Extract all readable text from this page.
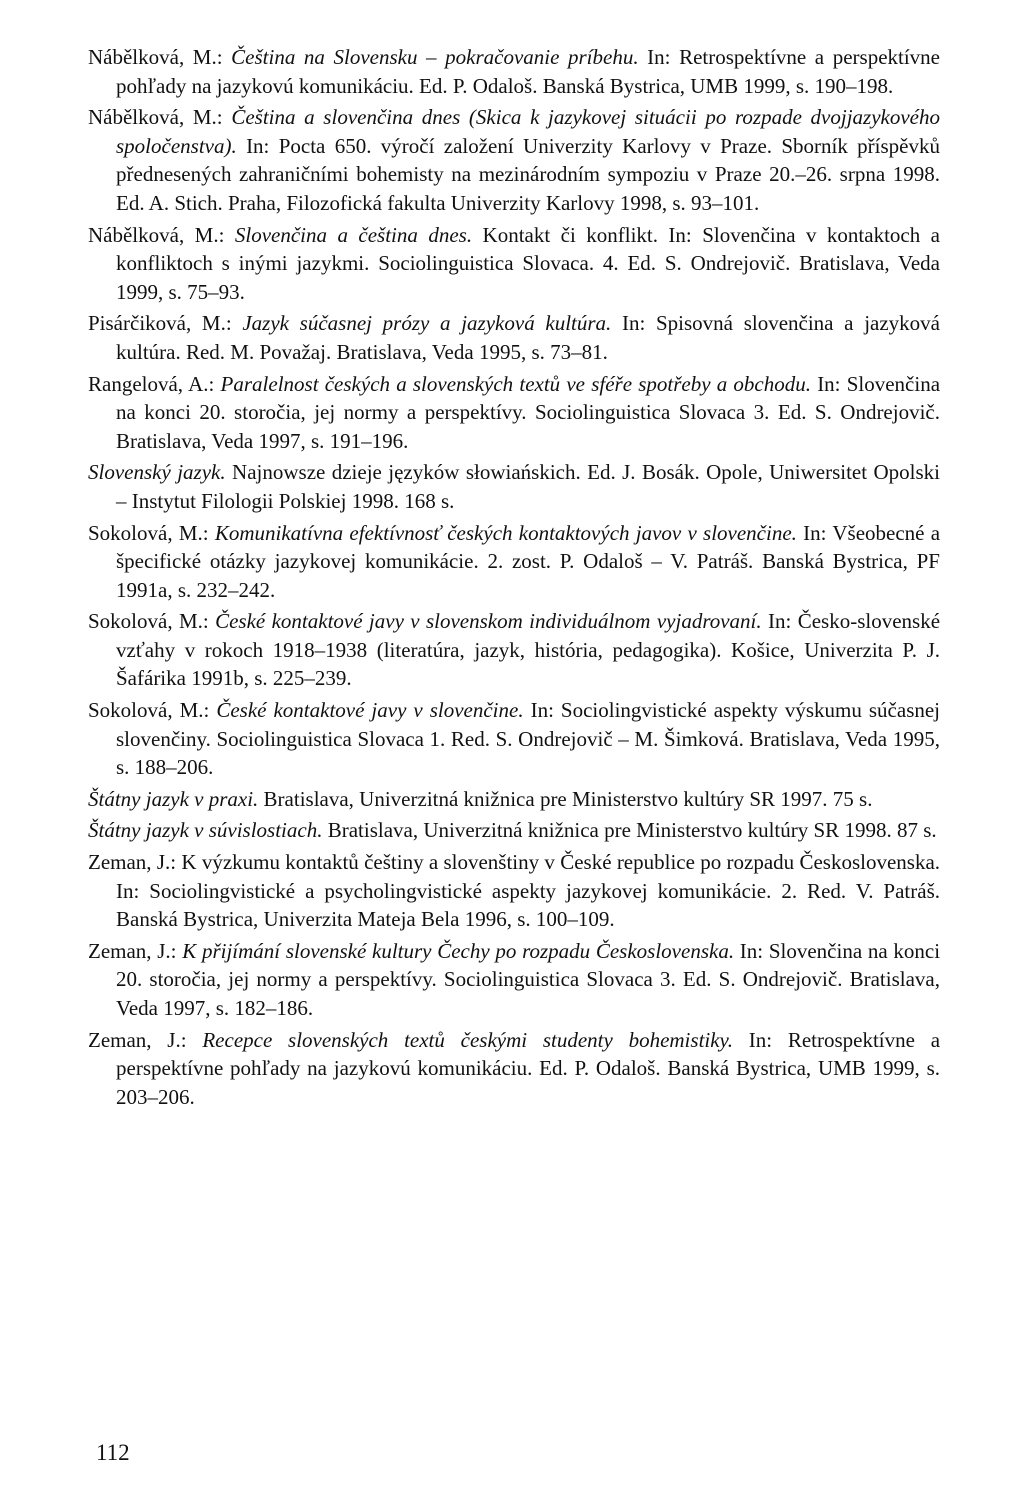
Nábělková, M.: Čeština na Slovensku – pokračovanie príbehu. In: Retrospektívne a perspektívne pohľady na jazykovú komunikáciu. Ed. P. Odaloš. Banská Bystrica, UMB 1999, s. 190–198.
Nábělková, M.: Čeština a slovenčina dnes (Skica k jazykovej situácii po rozpade dvojjazykového spoločenstva). In: Pocta 650. výročí založení Univerzity Karlovy v Praze. Sborník příspěvků přednesených zahraničními bohemisty na mezinárodním sympoziu v Praze 20.–26. srpna 1998. Ed. A. Stich. Praha, Filozofická fakulta Univerzity Karlovy 1998, s. 93–101.
Nábělková, M.: Slovenčina a čeština dnes. Kontakt či konflikt. In: Slovenčina v kontaktoch a konfliktoch s inými jazykmi. Sociolinguistica Slovaca. 4. Ed. S. Ondrejovič. Bratislava, Veda 1999, s. 75–93.
Pisárčiková, M.: Jazyk súčasnej prózy a jazyková kultúra. In: Spisovná slovenčina a jazyková kultúra. Red. M. Považaj. Bratislava, Veda 1995, s. 73–81.
Rangelová, A.: Paralelnost českých a slovenských textů ve sféře spotřeby a obchodu. In: Slovenčina na konci 20. storočia, jej normy a perspektívy. Sociolinguistica Slovaca 3. Ed. S. Ondrejovič. Bratislava, Veda 1997, s. 191–196.
Slovenský jazyk. Najnowsze dzieje języków słowiańskich. Ed. J. Bosák. Opole, Uniwersitet Opolski – Instytut Filologii Polskiej 1998. 168 s.
Sokolová, M.: Komunikatívna efektívnosť českých kontaktových javov v slovenčine. In: Všeobecné a špecifické otázky jazykovej komunikácie. 2. zost. P. Odaloš – V. Patráš. Banská Bystrica, PF 1991a, s. 232–242.
Sokolová, M.: České kontaktové javy v slovenskom individuálnom vyjadrovaní. In: Česko-slovenské vzťahy v rokoch 1918–1938 (literatúra, jazyk, história, pedagogika). Košice, Univerzita P. J. Šafárika 1991b, s. 225–239.
Sokolová, M.: České kontaktové javy v slovenčine. In: Sociolingvistické aspekty výskumu súčasnej slovenčiny. Sociolinguistica Slovaca 1. Red. S. Ondrejovič – M. Šimková. Bratislava, Veda 1995, s. 188–206.
Štátny jazyk v praxi. Bratislava, Univerzitná knižnica pre Ministerstvo kultúry SR 1997. 75 s.
Štátny jazyk v súvislostiach. Bratislava, Univerzitná knižnica pre Ministerstvo kultúry SR 1998. 87 s.
Zeman, J.: K výzkumu kontaktů češtiny a slovenštiny v České republice po rozpadu Československa. In: Sociolingvistické a psycholingvistické aspekty jazykovej komunikácie. 2. Red. V. Patráš. Banská Bystrica, Univerzita Mateja Bela 1996, s. 100–109.
Zeman, J.: K přijímání slovenské kultury Čechy po rozpadu Československa. In: Slovenčina na konci 20. storočia, jej normy a perspektívy. Sociolinguistica Slovaca 3. Ed. S. Ondrejovič. Bratislava, Veda 1997, s. 182–186.
Zeman, J.: Recepce slovenských textů českými studenty bohemistiky. In: Retrospektívne a perspektívne pohľady na jazykovú komunikáciu. Ed. P. Odaloš. Banská Bystrica, UMB 1999, s. 203–206.
112
